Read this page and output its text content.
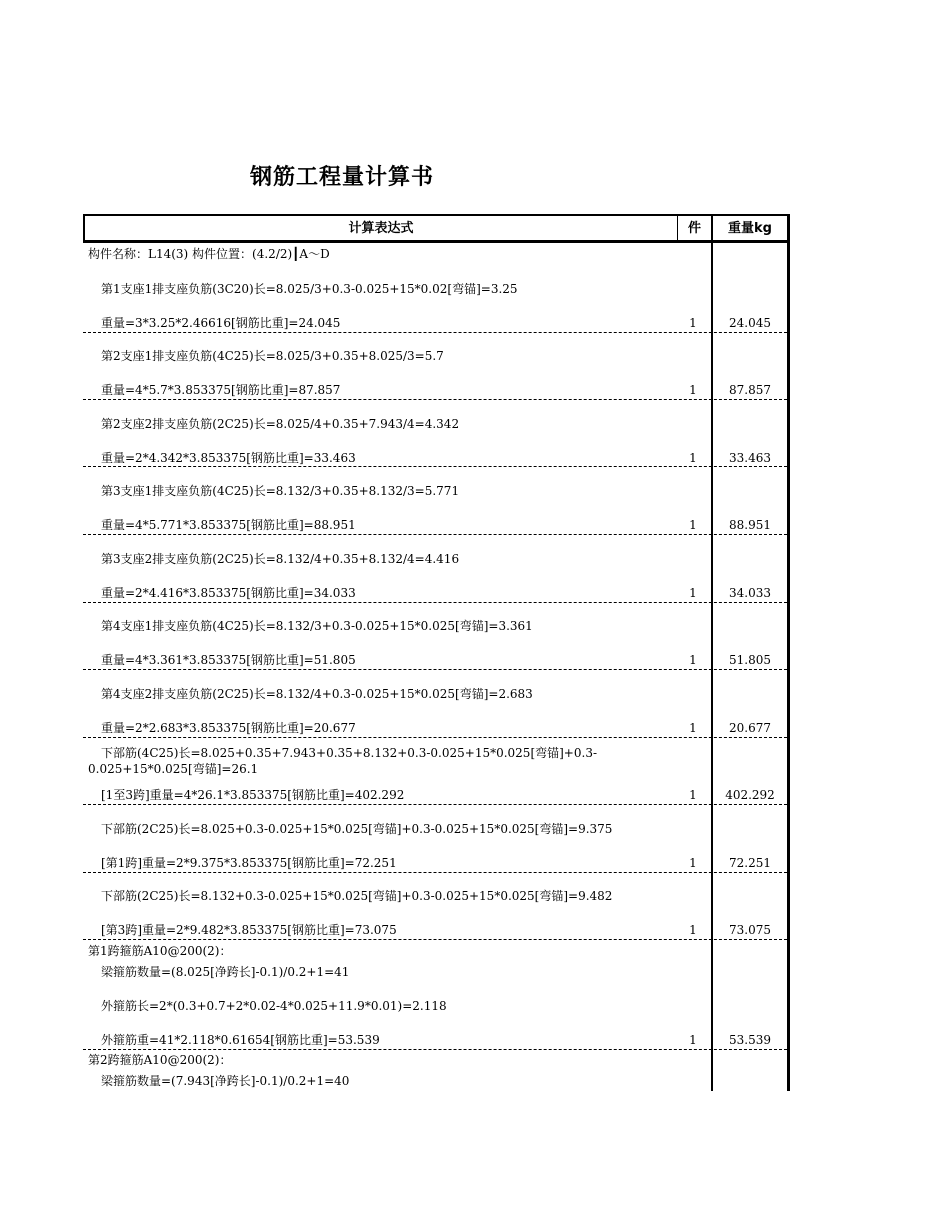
钢筋工程量计算书
计算表达式	件	重量kg
构件名称：L14(3) 构件位置：(4.2/2)┃A～D
第1支座1排支座负筋(3C20)长=8.025/3+0.3-0.025+15*0.02[弯锚]=3.25
重量=3*3.25*2.46616[钢筋比重]=24.045	1	24.045
第2支座1排支座负筋(4C25)长=8.025/3+0.35+8.025/3=5.7
重量=4*5.7*3.853375[钢筋比重]=87.857	1	87.857
第2支座2排支座负筋(2C25)长=8.025/4+0.35+7.943/4=4.342
重量=2*4.342*3.853375[钢筋比重]=33.463	1	33.463
第3支座1排支座负筋(4C25)长=8.132/3+0.35+8.132/3=5.771
重量=4*5.771*3.853375[钢筋比重]=88.951	1	88.951
第3支座2排支座负筋(2C25)长=8.132/4+0.35+8.132/4=4.416
重量=2*4.416*3.853375[钢筋比重]=34.033	1	34.033
第4支座1排支座负筋(4C25)长=8.132/3+0.3-0.025+15*0.025[弯锚]=3.361
重量=4*3.361*3.853375[钢筋比重]=51.805	1	51.805
第4支座2排支座负筋(2C25)长=8.132/4+0.3-0.025+15*0.025[弯锚]=2.683
重量=2*2.683*3.853375[钢筋比重]=20.677	1	20.677
下部筋(4C25)长=8.025+0.35+7.943+0.35+8.132+0.3-0.025+15*0.025[弯锚]+0.3-
0.025+15*0.025[弯锚]=26.1
[1至3跨]重量=4*26.1*3.853375[钢筋比重]=402.292	1	402.292
下部筋(2C25)长=8.025+0.3-0.025+15*0.025[弯锚]+0.3-0.025+15*0.025[弯锚]=9.375
[第1跨]重量=2*9.375*3.853375[钢筋比重]=72.251	1	72.251
下部筋(2C25)长=8.132+0.3-0.025+15*0.025[弯锚]+0.3-0.025+15*0.025[弯锚]=9.482
[第3跨]重量=2*9.482*3.853375[钢筋比重]=73.075	1	73.075
第1跨箍筋A10@200(2)：
梁箍筋数量=(8.025[净跨长]-0.1)/0.2+1=41
外箍筋长=2*(0.3+0.7+2*0.02-4*0.025+11.9*0.01)=2.118
外箍筋重=41*2.118*0.61654[钢筋比重]=53.539	1	53.539
第2跨箍筋A10@200(2)：
梁箍筋数量=(7.943[净跨长]-0.1)/0.2+1=40
